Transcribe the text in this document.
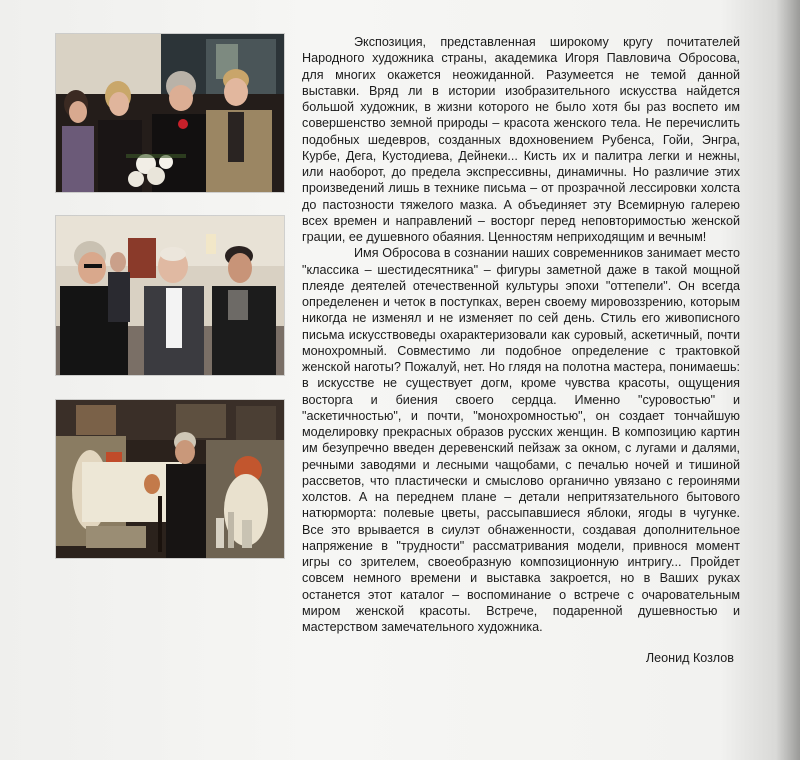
Экспозиция, представленная широкому кругу почитателей Народного художника страны, академика Игоря Павловича Обросова, для многих окажется неожиданной. Разумеется не темой данной выставки. Вряд ли в истории изобразительного искусства найдется большой художник, в жизни которого не было хотя бы раз воспето им совершенство земной природы – красота женского тела. Не перечислить подобных шедевров, созданных вдохновением Рубенса, Гойи, Энгра, Курбе, Дега, Кустодиева, Дейнеки... Кисть их и палитра легки и нежны, или наоборот, до предела экспрессивны, динамичны. Но различие этих произведений лишь в технике письма – от прозрачной лессировки холста до пастозности тяжелого мазка. А объединяет эту Всемирную галерею всех времен и направлений – восторг перед неповторимостью женской грации, ее душевного обаяния. Ценностям неприходящим и вечным!

Имя Обросова в сознании наших современников занимает место "классика – шестидесятника" – фигуры заметной даже в такой мощной плеяде деятелей отечественной культуры эпохи "оттепели". Он всегда определенен и четок в поступках, верен своему мировоззрению, которым никогда не изменял и не изменяет по сей день. Стиль его живописного письма искусствоведы охарактеризовали как суровый, аскетичный, почти монохромный. Совместимо ли подобное определение с трактовкой женской наготы? Пожалуй, нет. Но глядя на полотна мастера, понимаешь: в искусстве не существует догм, кроме чувства красоты, ощущения восторга и биения своего сердца. Именно "суровостью" и "аскетичностью", и почти, "монохромностью", он создает тончайшую моделировку прекрасных образов русских женщин. В композицию картин им безупречно введен деревенский пейзаж за окном, с лугами и далями, речными заводями и лесными чащобами, с печалью ночей и тишиной рассветов, что пластически и смыслово органично увязано с героинями холстов. А на переднем плане – детали непритязательного бытового натюрморта: полевые цветы, рассыпавшиеся яблоки, ягоды в чугунке. Все это врывается в сиулэт обнаженности, создавая дополнительное напряжение в "трудности" рассматривания модели, привнося момент игры со зрителем, своеобразную композиционную интригу... Пройдет совсем немного времени и выставка закроется, но в Ваших руках останется этот каталог – воспоминание о встрече с очаровательным миром женской красоты. Встрече, подаренной душевностью и мастерством замечательного художника.

Леонид Козлов
